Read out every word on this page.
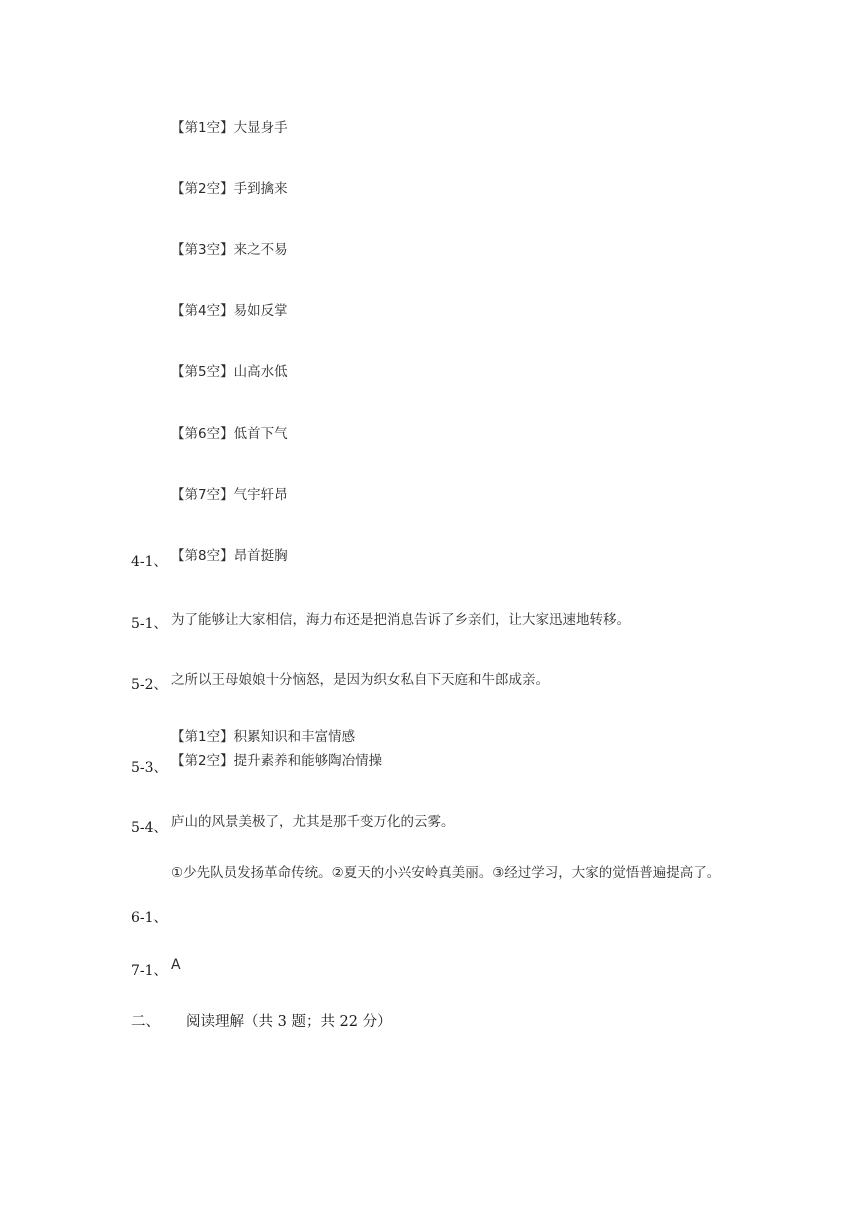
【第1空】大显身手
【第2空】手到擒来
【第3空】来之不易
【第4空】易如反掌
【第5空】山高水低
【第6空】低首下气
【第7空】气宇轩昂
4-1、 【第8空】昂首挺胸
5-1、 为了能够让大家相信，海力布还是把消息告诉了乡亲们，让大家迅速地转移。
5-2、 之所以王母娘娘十分恼怒，是因为织女私自下天庭和牛郎成亲。
【第1空】积累知识和丰富情感
5-3、 【第2空】提升素养和能够陶冶情操
5-4、 庐山的风景美极了，尤其是那千变万化的云雾。
①少先队员发扬革命传统。②夏天的小兴安岭真美丽。③经过学习，大家的觉悟普遍提高了。
6-1、
7-1、 A
二、 阅读理解（共 3 题；共 22 分）
